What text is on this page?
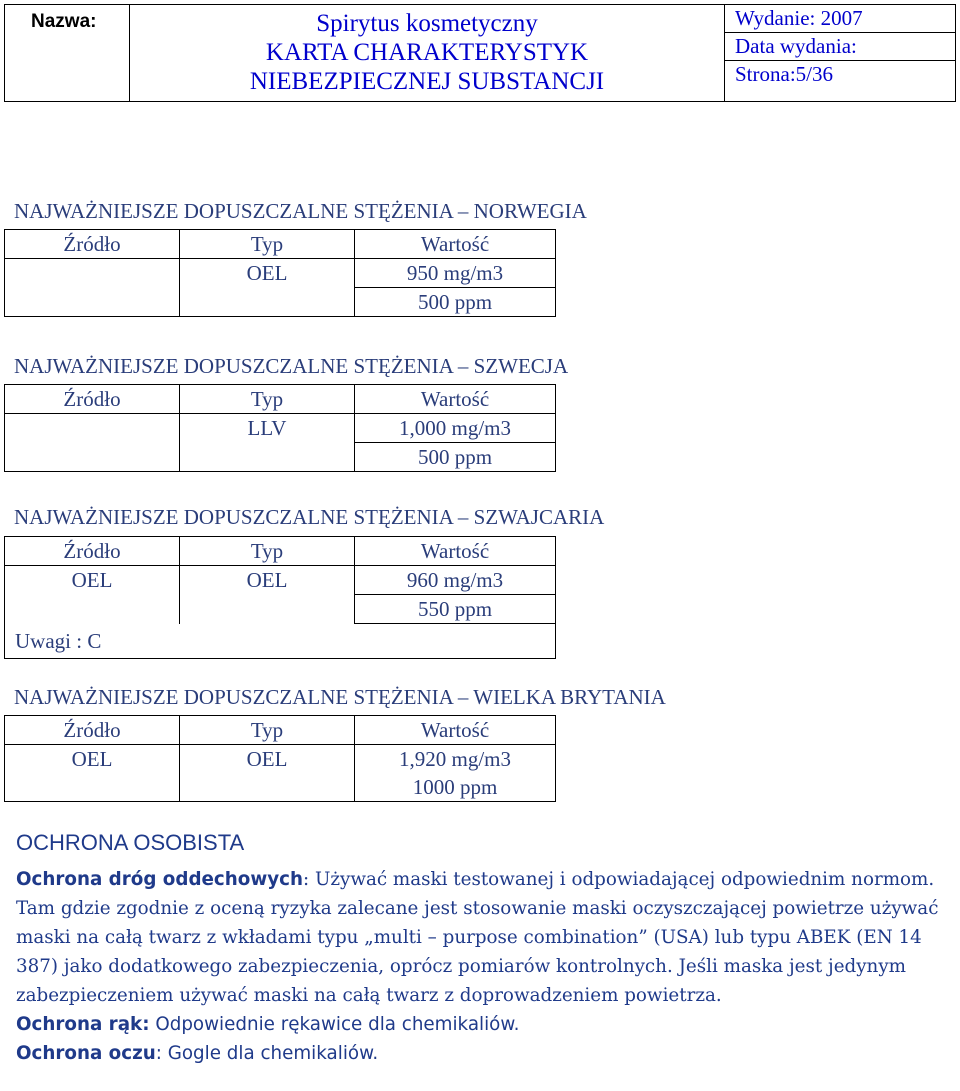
Nazwa:	Spirytus kosmetyczny
KARTA CHARAKTERYSTYK
NIEBEZPIECZNEJ SUBSTANCJI

Wydanie: 2007
Data wydania:
Strona:5/36
NAJWAŻNIEJSZE DOPUSZCZALNE STĘŻENIA – NORWEGIA
Źródło	Typ	Wartość
	OEL	950 mg/m3
		500 ppm
NAJWAŻNIEJSZE DOPUSZCZALNE STĘŻENIA – SZWECJA
Źródło	Typ	Wartość
	LLV	1,000 mg/m3
		500 ppm
NAJWAŻNIEJSZE DOPUSZCZALNE STĘŻENIA – SZWAJCARIA
Źródło	Typ	Wartość
OEL	OEL	960 mg/m3
		550 ppm
Uwagi : C		
NAJWAŻNIEJSZE DOPUSZCZALNE STĘŻENIA – WIELKA BRYTANIA
Źródło	Typ	Wartość
OEL	OEL	1,920 mg/m3
		1000 ppm
OCHRONA OSOBISTA
Ochrona dróg oddechowych: Używać maski testowanej i odpowiadającej odpowiednim normom. Tam gdzie zgodnie z oceną ryzyka zalecane jest stosowanie maski oczyszczającej powietrze używać maski na całą twarz z wkładami typu „multi – purpose combination” (USA) lub typu ABEK (EN 14 387) jako dodatkowego zabezpieczenia, oprócz pomiarów kontrolnych. Jeśli maska jest jedynym zabezpieczeniem używać maski na całą twarz z doprowadzeniem powietrza.
Ochrona rąk: Odpowiednie rękawice dla chemikaliów.
Ochrona oczu: Gogle dla chemikaliów.
